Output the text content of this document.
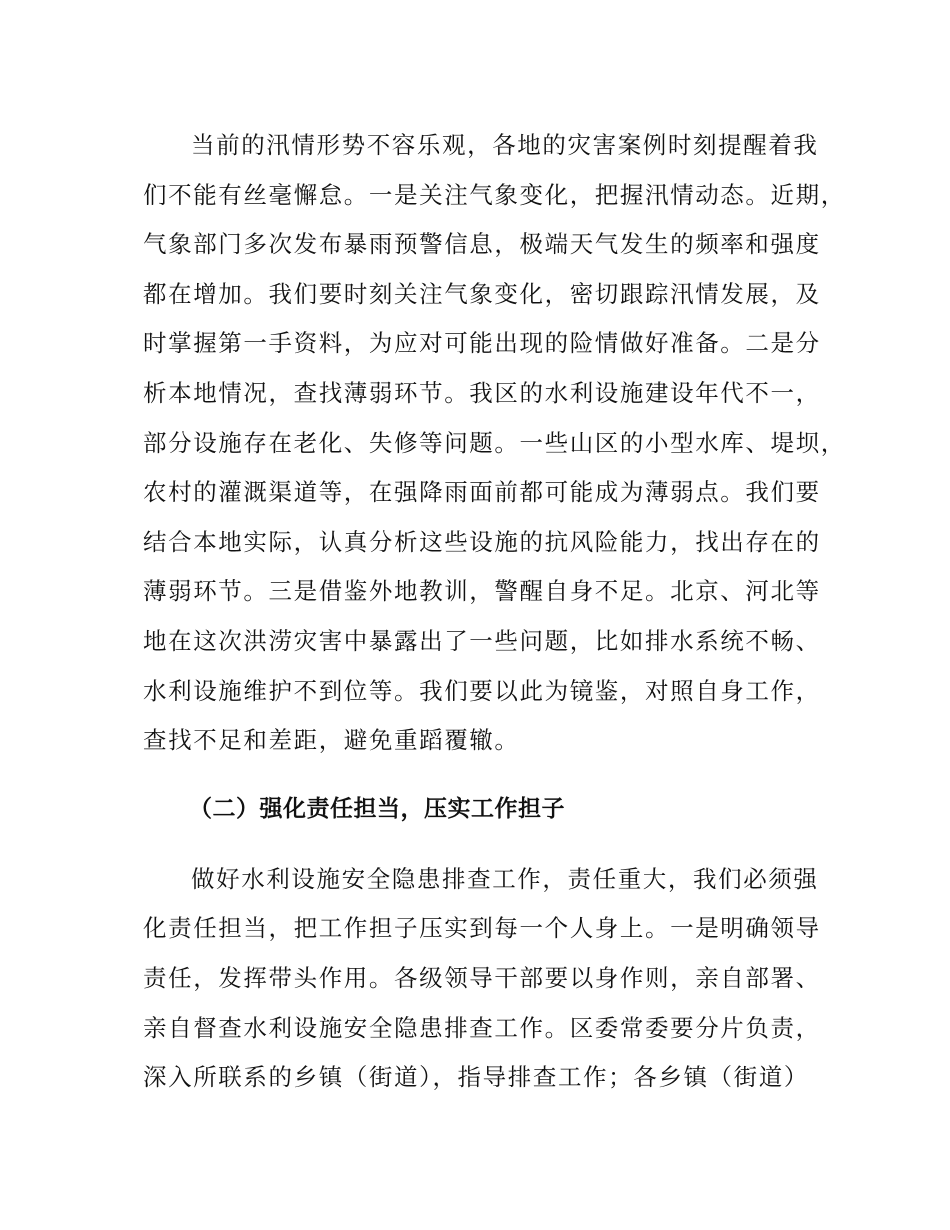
当前的汛情形势不容乐观，各地的灾害案例时刻提醒着我
们不能有丝毫懈怠。一是关注气象变化，把握汛情动态。近期，
气象部门多次发布暴雨预警信息，极端天气发生的频率和强度
都在增加。我们要时刻关注气象变化，密切跟踪汛情发展，及
时掌握第一手资料，为应对可能出现的险情做好准备。二是分
析本地情况，查找薄弱环节。我区的水利设施建设年代不一，
部分设施存在老化、失修等问题。一些山区的小型水库、堤坝，
农村的灌溉渠道等，在强降雨面前都可能成为薄弱点。我们要
结合本地实际，认真分析这些设施的抗风险能力，找出存在的
薄弱环节。三是借鉴外地教训，警醒自身不足。北京、河北等
地在这次洪涝灾害中暴露出了一些问题，比如排水系统不畅、
水利设施维护不到位等。我们要以此为镜鉴，对照自身工作，
查找不足和差距，避免重蹈覆辙。
（二）强化责任担当，压实工作担子
做好水利设施安全隐患排查工作，责任重大，我们必须强
化责任担当，把工作担子压实到每一个人身上。一是明确领导
责任，发挥带头作用。各级领导干部要以身作则，亲自部署、
亲自督查水利设施安全隐患排查工作。区委常委要分片负责，
深入所联系的乡镇（街道），指导排查工作；各乡镇（街道）
